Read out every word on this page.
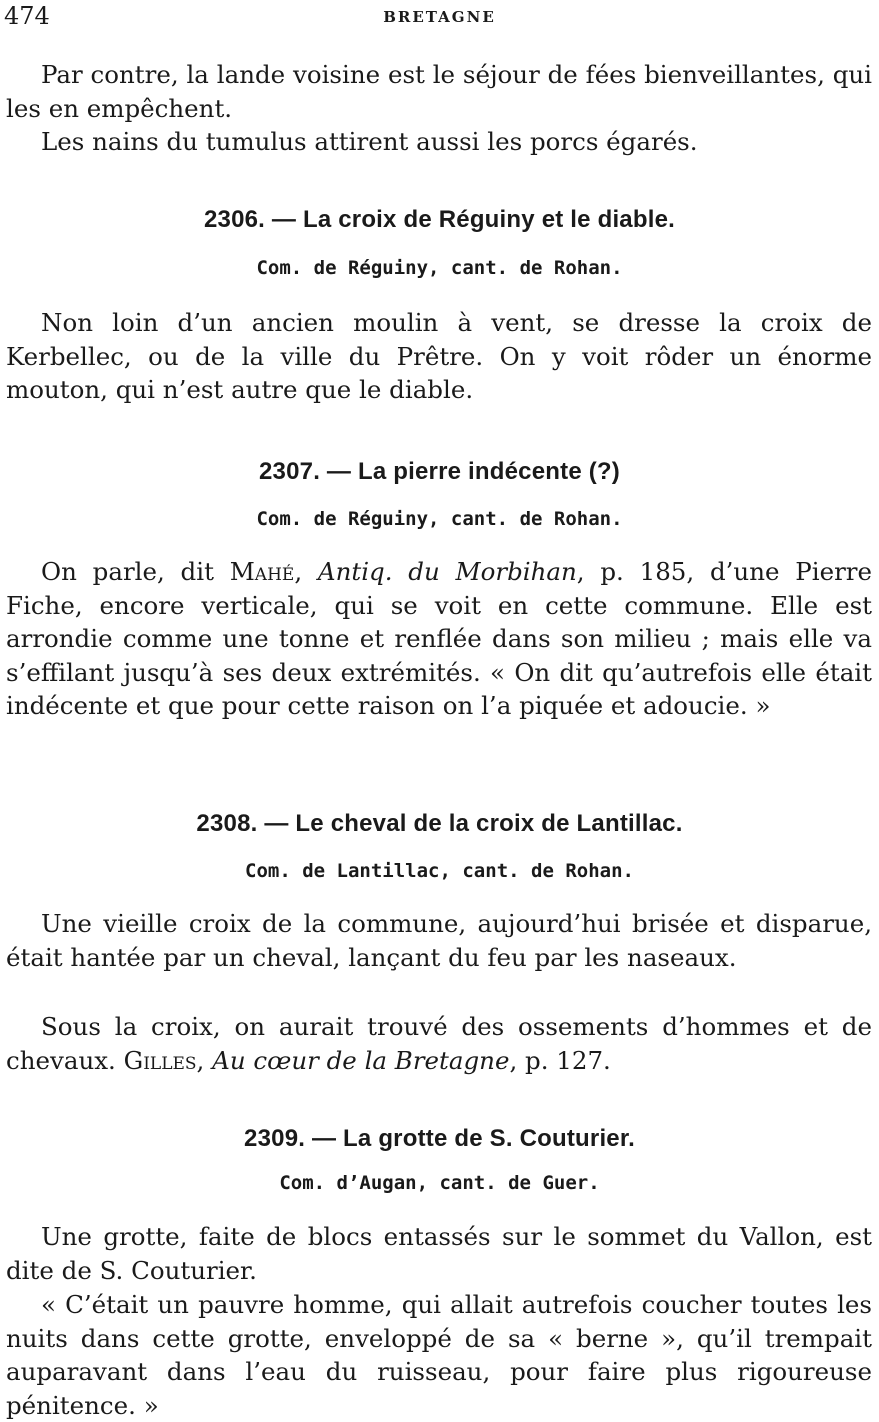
474	BRETAGNE
Par contre, la lande voisine est le séjour de fées bienveillantes, qui les en empêchent.
Les nains du tumulus attirent aussi les porcs égarés.
2306. — La croix de Réguiny et le diable.
Com. de Réguiny, cant. de Rohan.
Non loin d’un ancien moulin à vent, se dresse la croix de Kerbellec, ou de la ville du Prêtre. On y voit rôder un énorme mouton, qui n’est autre que le diable.
2307. — La pierre indécente (?)
Com. de Réguiny, cant. de Rohan.
On parle, dit Mahé, Antiq. du Morbihan, p. 185, d’une Pierre Fiche, encore verticale, qui se voit en cette commune. Elle est arrondie comme une tonne et renflée dans son milieu ; mais elle va s’effilant jusqu’à ses deux extrémités. « On dit qu’autrefois elle était indécente et que pour cette raison on l’a piquée et adoucie. »
2308. — Le cheval de la croix de Lantillac.
Com. de Lantillac, cant. de Rohan.
Une vieille croix de la commune, aujourd’hui brisée et disparue, était hantée par un cheval, lançant du feu par les naseaux.
Sous la croix, on aurait trouvé des ossements d’hommes et de chevaux. Gilles, Au cœur de la Bretagne, p. 127.
2309. — La grotte de S. Couturier.
Com. d’Augan, cant. de Guer.
Une grotte, faite de blocs entassés sur le sommet du Vallon, est dite de S. Couturier.
« C’était un pauvre homme, qui allait autrefois coucher toutes les nuits dans cette grotte, enveloppé de sa « berne », qu’il trempait auparavant dans l’eau du ruisseau, pour faire plus rigoureuse pénitence. »
